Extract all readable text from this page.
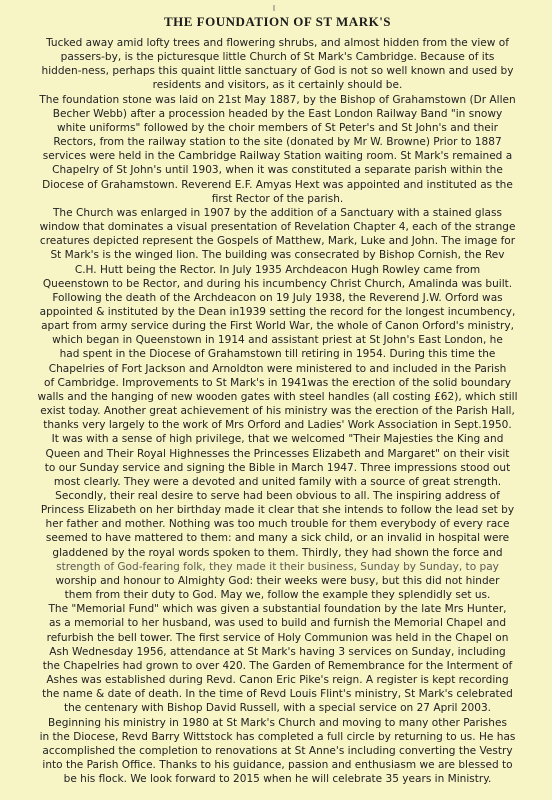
THE FOUNDATION OF ST MARK'S
Tucked away amid lofty trees and flowering shrubs, and almost hidden from the view of
passers-by, is the picturesque little Church of St Mark's Cambridge. Because of its
hidden-ness, perhaps this quaint little sanctuary of God is not so well known and used by
residents and visitors, as it certainly should be.
The foundation stone was laid on 21st May 1887, by the Bishop of Grahamstown (Dr Allen
Becher Webb) after a procession headed by the East London Railway Band "in snowy
white uniforms" followed by the choir members of St Peter's and St John's and their
Rectors, from the railway station to the site (donated by Mr W. Browne) Prior to 1887
services were held in the Cambridge Railway Station waiting room. St Mark's remained a
Chapelry of St John's until 1903, when it was constituted a separate parish within the
Diocese of Grahamstown. Reverend E.F. Amyas Hext was appointed and instituted as the
first Rector of the parish.
The Church was enlarged in 1907 by the addition of a Sanctuary with a stained glass
window that dominates a visual presentation of Revelation Chapter 4, each of the strange
creatures depicted represent the Gospels of Matthew, Mark, Luke and John. The image for
St Mark's is the winged lion. The building was consecrated by Bishop Cornish, the Rev
C.H. Hutt being the Rector. In July 1935 Archdeacon Hugh Rowley came from
Queenstown to be Rector, and during his incumbency Christ Church, Amalinda was built.
Following the death of the Archdeacon on 19 July 1938, the Reverend J.W. Orford was
appointed & instituted by the Dean in1939 setting the record for the longest incumbency,
apart from army service during the First World War, the whole of Canon Orford's ministry,
which began in Queenstown in 1914 and assistant priest at St John's East London, he
had spent in the Diocese of Grahamstown till retiring in 1954. During this time the
Chapelries of Fort Jackson and Arnoldton were ministered to and included in the Parish
of Cambridge. Improvements to St Mark's in 1941was the erection of the solid boundary
walls and the hanging of new wooden gates with steel handles (all costing £62), which still
exist today. Another great achievement of his ministry was the erection of the Parish Hall,
thanks very largely to the work of Mrs Orford and Ladies' Work Association in Sept.1950.
It was with a sense of high privilege, that we welcomed "Their Majesties the King and
Queen and Their Royal Highnesses the Princesses Elizabeth and Margaret" on their visit
to our Sunday service and signing the Bible in March 1947. Three impressions stood out
most clearly. They were a devoted and united family with a source of great strength.
Secondly, their real desire to serve had been obvious to all. The inspiring address of
Princess Elizabeth on her birthday made it clear that she intends to follow the lead set by
her father and mother. Nothing was too much trouble for them everybody of every race
seemed to have mattered to them: and many a sick child, or an invalid in hospital were
gladdened by the royal words spoken to them. Thirdly, they had shown the force and
strength of God-fearing folk, they made it their business, Sunday by Sunday, to pay
worship and honour to Almighty God: their weeks were busy, but this did not hinder
them from their duty to God. May we, follow the example they splendidly set us.
The "Memorial Fund" which was given a substantial foundation by the late Mrs Hunter,
as a memorial to her husband, was used to build and furnish the Memorial Chapel and
refurbish the bell tower. The first service of Holy Communion was held in the Chapel on
Ash Wednesday 1956, attendance at St Mark's having 3 services on Sunday, including
the Chapelries had grown to over 420. The Garden of Remembrance for the Interment of
Ashes was established during Revd. Canon Eric Pike's reign. A register is kept recording
the name & date of death. In the time of Revd Louis Flint's ministry, St Mark's celebrated
the centenary with Bishop David Russell, with a special service on 27 April 2003.
Beginning his ministry in 1980 at St Mark's Church and moving to many other Parishes
in the Diocese, Revd Barry Wittstock has completed a full circle by returning to us. He has
accomplished the completion to renovations at St Anne's including converting the Vestry
into the Parish Office. Thanks to his guidance, passion and enthusiasm we are blessed to
be his flock. We look forward to 2015 when he will celebrate 35 years in Ministry.
